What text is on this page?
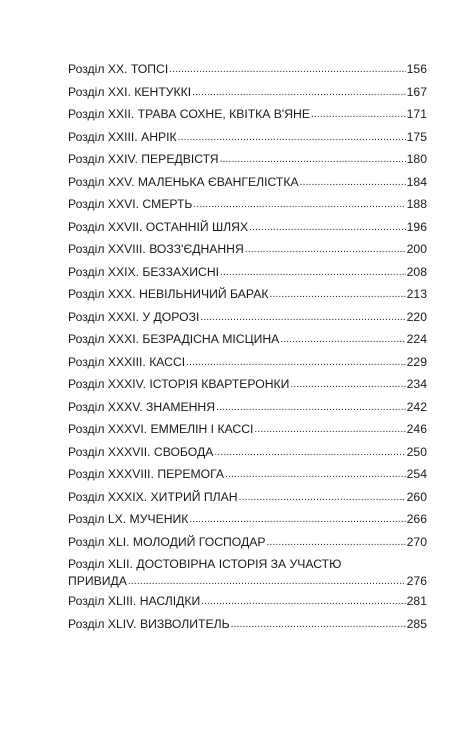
Розділ XX. ТОПСІ .....	156
Розділ XXI. КЕНТУККІ .....	167
Розділ XXII. ТРАВА СОХНЕ, КВІТКА В'ЯНЕ .....	171
Розділ XXIII. АНРІК .....	175
Розділ XXIV. ПЕРЕДВІСТЯ .....	180
Розділ XXV. МАЛЕНЬКА ЄВАНГЕЛІСТКА .....	184
Розділ XXVI. СМЕРТЬ .....	188
Розділ XXVII. ОСТАННІЙ ШЛЯХ .....	196
Розділ XXVIII. ВОЗЗ'ЄДНАННЯ .....	200
Розділ XXIX. БЕЗЗАХИСНІ .....	208
Розділ XXX. НЕВІЛЬНИЧИЙ БАРАК .....	213
Розділ XXXI. У ДОРОЗІ .....	220
Розділ XXXI. БЕЗРАДІСНА МІСЦИНА .....	224
Розділ XXXIII. КАССІ .....	229
Розділ XXXIV. ІСТОРІЯ КВАРТЕРОНКИ .....	234
Розділ XXXV. ЗНАМЕННЯ .....	242
Розділ XXXVI. ЕММЕЛІН І КАССІ .....	246
Розділ XXXVII. СВОБОДА .....	250
Розділ XXXVIII. ПЕРЕМОГА .....	254
Розділ XXXIX. ХИТРИЙ ПЛАН .....	260
Розділ LX. МУЧЕНИК .....	266
Розділ XLI. МОЛОДИЙ ГОСПОДАР .....	270
Розділ XLII. ДОСТОВІРНА ІСТОРІЯ ЗА УЧАСТЮ
ПРИВИДА .....	276
Розділ XLIII. НАСЛІДКИ .....	281
Розділ XLIV. ВИЗВОЛИТЕЛЬ .....	285
